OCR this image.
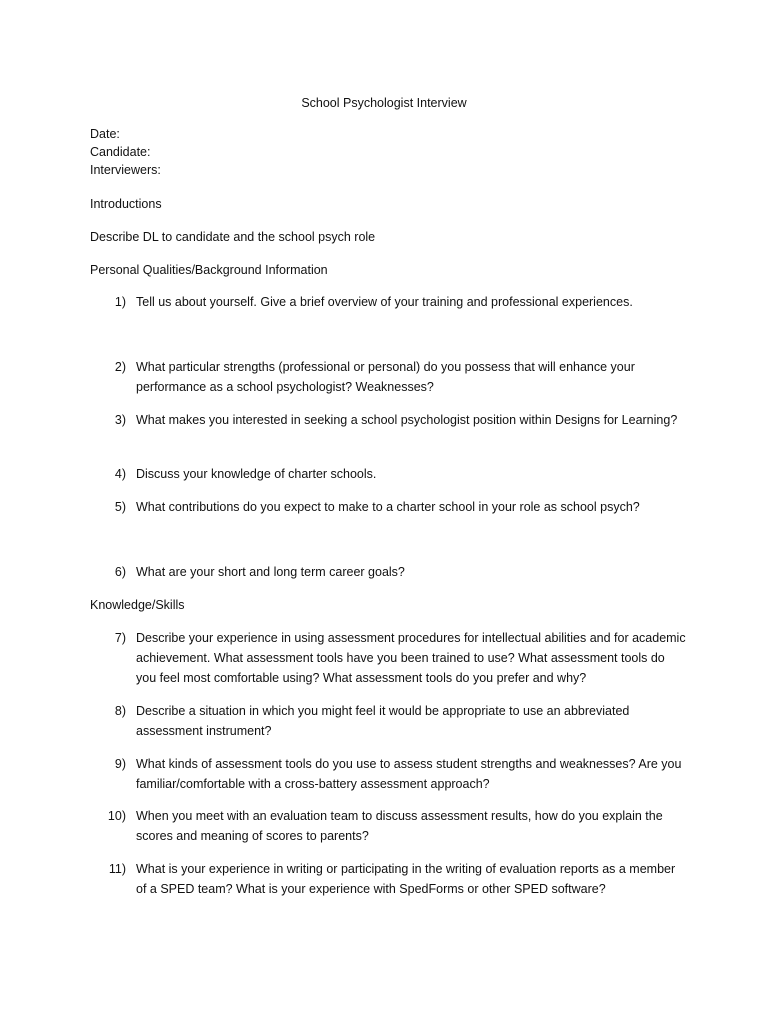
School Psychologist Interview
Date:
Candidate:
Interviewers:
Introductions
Describe DL to candidate and the school psych role
Personal Qualities/Background Information
1) Tell us about yourself. Give a brief overview of your training and professional experiences.
2) What particular strengths (professional or personal) do you possess that will enhance your performance as a school psychologist? Weaknesses?
3) What makes you interested in seeking a school psychologist position within Designs for Learning?
4) Discuss your knowledge of charter schools.
5) What contributions do you expect to make to a charter school in your role as school psych?
6) What are your short and long term career goals?
Knowledge/Skills
7) Describe your experience in using assessment procedures for intellectual abilities and for academic achievement. What assessment tools have you been trained to use? What assessment tools do you feel most comfortable using? What assessment tools do you prefer and why?
8) Describe a situation in which you might feel it would be appropriate to use an abbreviated assessment instrument?
9) What kinds of assessment tools do you use to assess student strengths and weaknesses? Are you familiar/comfortable with a cross-battery assessment approach?
10) When you meet with an evaluation team to discuss assessment results, how do you explain the scores and meaning of scores to parents?
11) What is your experience in writing or participating in the writing of evaluation reports as a member of a SPED team? What is your experience with SpedForms or other SPED software?
